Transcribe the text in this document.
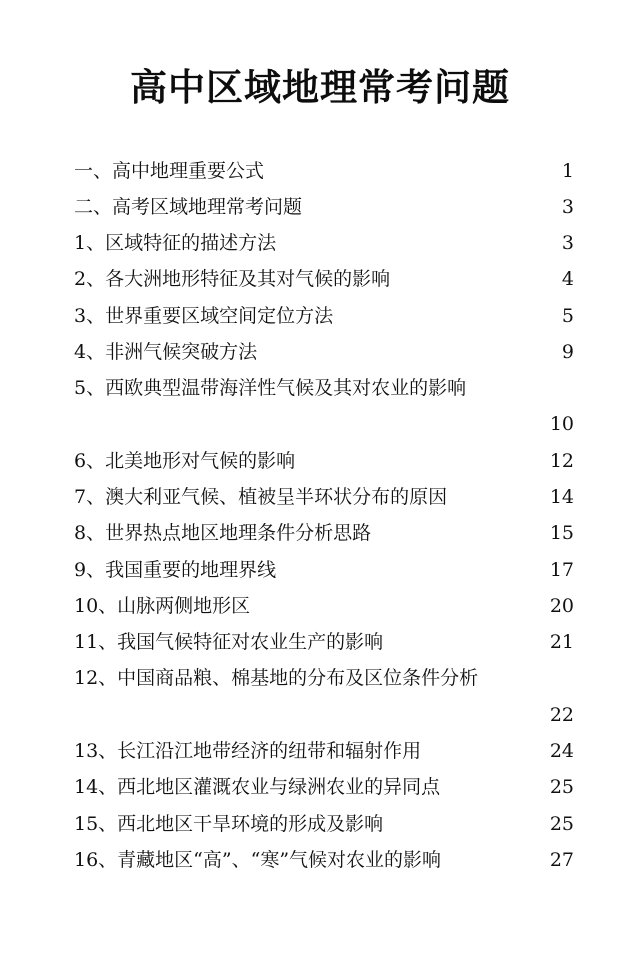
高中区域地理常考问题
一、高中地理重要公式	1
二、高考区域地理常考问题	3
1、区域特征的描述方法	3
2、各大洲地形特征及其对气候的影响	4
3、世界重要区域空间定位方法	5
4、非洲气候突破方法	9
5、西欧典型温带海洋性气候及其对农业的影响
10
6、北美地形对气候的影响	12
7、澳大利亚气候、植被呈半环状分布的原因	14
8、世界热点地区地理条件分析思路	15
9、我国重要的地理界线	17
10、山脉两侧地形区	20
11、我国气候特征对农业生产的影响	21
12、中国商品粮、棉基地的分布及区位条件分析
22
13、长江沿江地带经济的纽带和辐射作用	24
14、西北地区灌溉农业与绿洲农业的异同点	25
15、西北地区干旱环境的形成及影响	25
16、青藏地区“高”、“寒”气候对农业的影响	27
